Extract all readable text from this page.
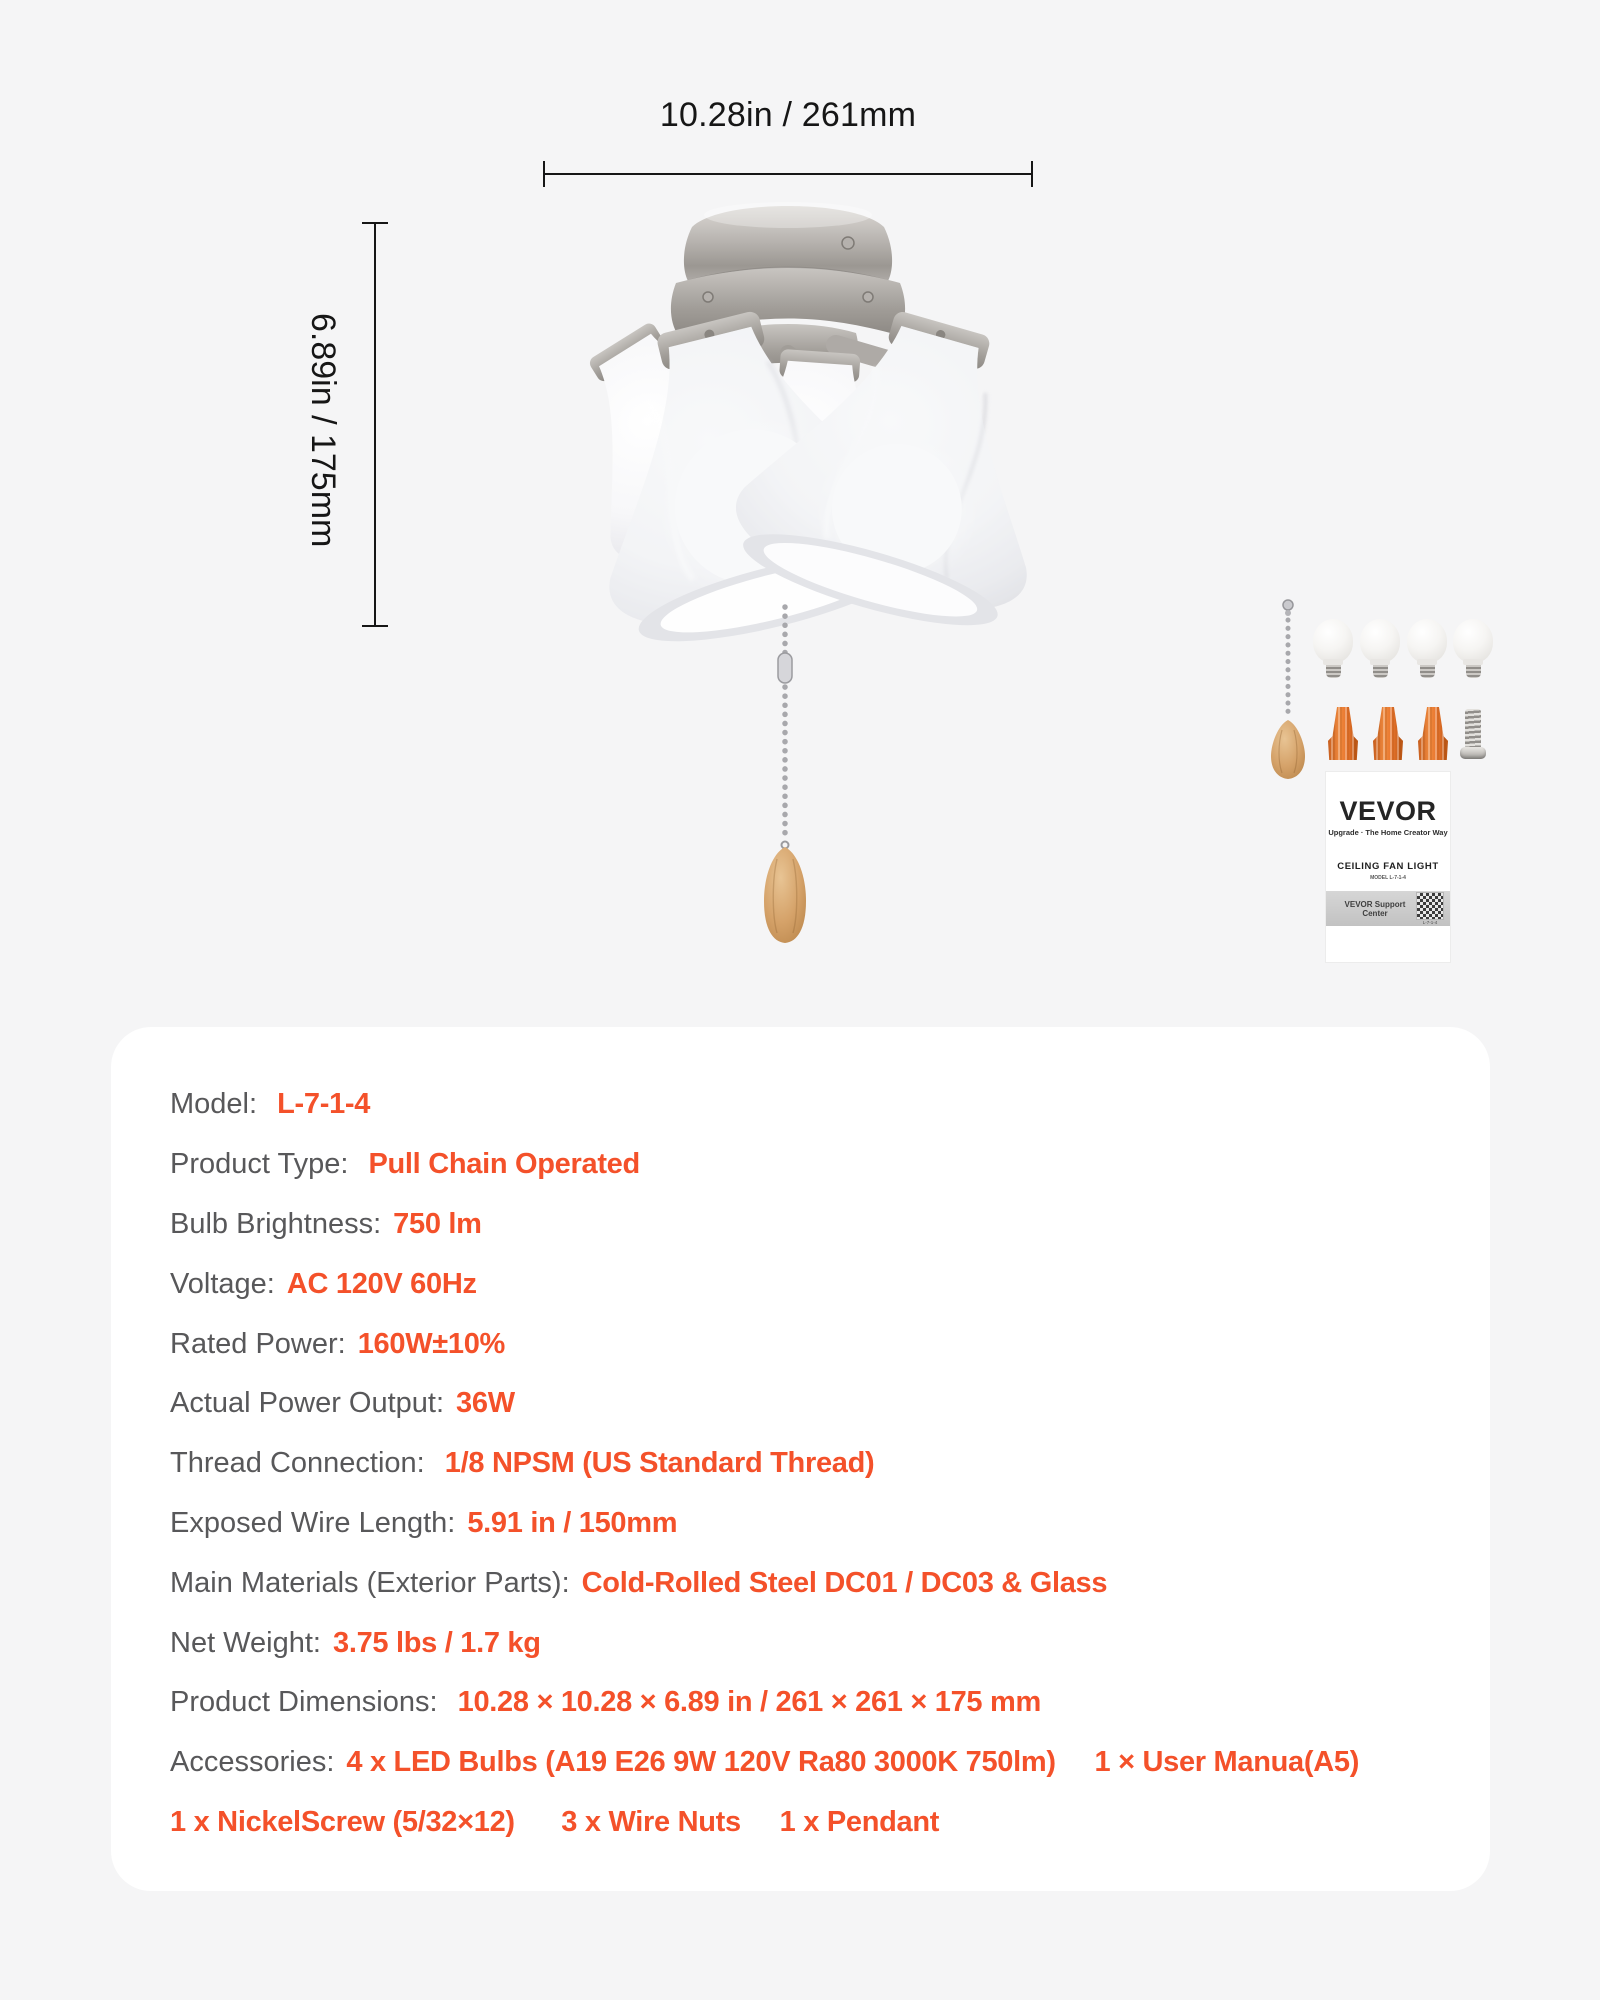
10.28in / 261mm
6.89in / 175mm
VEVOR
Upgrade · The Home Creator Way
CEILING FAN LIGHT
MODEL L-7-1-4
VEVOR Support Center
L-7-1-4
Model: L-7-1-4
Product Type: Pull Chain Operated
Bulb Brightness: 750 lm
Voltage: AC 120V 60Hz
Rated Power: 160W±10%
Actual Power Output: 36W
Thread Connection: 1/8 NPSM (US Standard Thread)
Exposed Wire Length: 5.91 in / 150mm
Main Materials (Exterior Parts): Cold-Rolled Steel DC01 / DC03 & Glass
Net Weight: 3.75 lbs / 1.7 kg
Product Dimensions: 10.28 × 10.28 × 6.89 in / 261 × 261 × 175 mm
Accessories: 4 x LED Bulbs (A19 E26 9W 120V Ra80 3000K 750lm)     1 × User Manua(A5)
1 x NickelScrew (5/32×12)      3 x Wire Nuts     1 x Pendant
